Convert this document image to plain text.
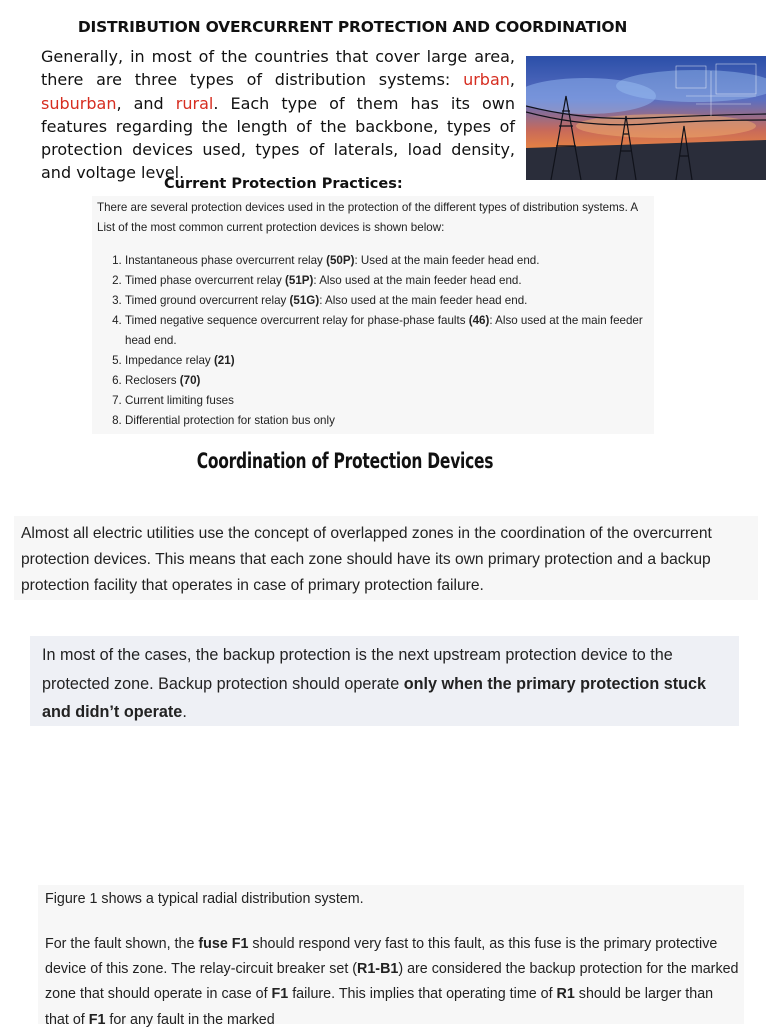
DISTRIBUTION OVERCURRENT PROTECTION AND COORDINATION
Generally, in most of the countries that cover large area, there are three types of distribution systems: urban, suburban, and rural. Each type of them has its own features regarding the length of the backbone, types of protection devices used, types of laterals, load density, and voltage level.
Current Protection Practices:
There are several protection devices used in the protection of the different types of distribution systems. A List of the most common current protection devices is shown below:
1. Instantaneous phase overcurrent relay (50P): Used at the main feeder head end.
2. Timed phase overcurrent relay (51P): Also used at the main feeder head end.
3. Timed ground overcurrent relay (51G): Also used at the main feeder head end.
4. Timed negative sequence overcurrent relay for phase-phase faults (46): Also used at the main feeder head end.
5. Impedance relay (21)
6. Reclosers (70)
7. Current limiting fuses
8. Differential protection for station bus only
Coordination of Protection Devices
Almost all electric utilities use the concept of overlapped zones in the coordination of the overcurrent protection devices. This means that each zone should have its own primary protection and a backup protection facility that operates in case of primary protection failure.
In most of the cases, the backup protection is the next upstream protection device to the protected zone. Backup protection should operate only when the primary protection stuck and didn’t operate.
Figure 1 shows a typical radial distribution system.
For the fault shown, the fuse F1 should respond very fast to this fault, as this fuse is the primary protective device of this zone. The relay-circuit breaker set (R1-B1) are considered the backup protection for the marked zone that should operate in case of F1 failure. This implies that operating time of R1 should be larger than that of F1 for any fault in the marked
